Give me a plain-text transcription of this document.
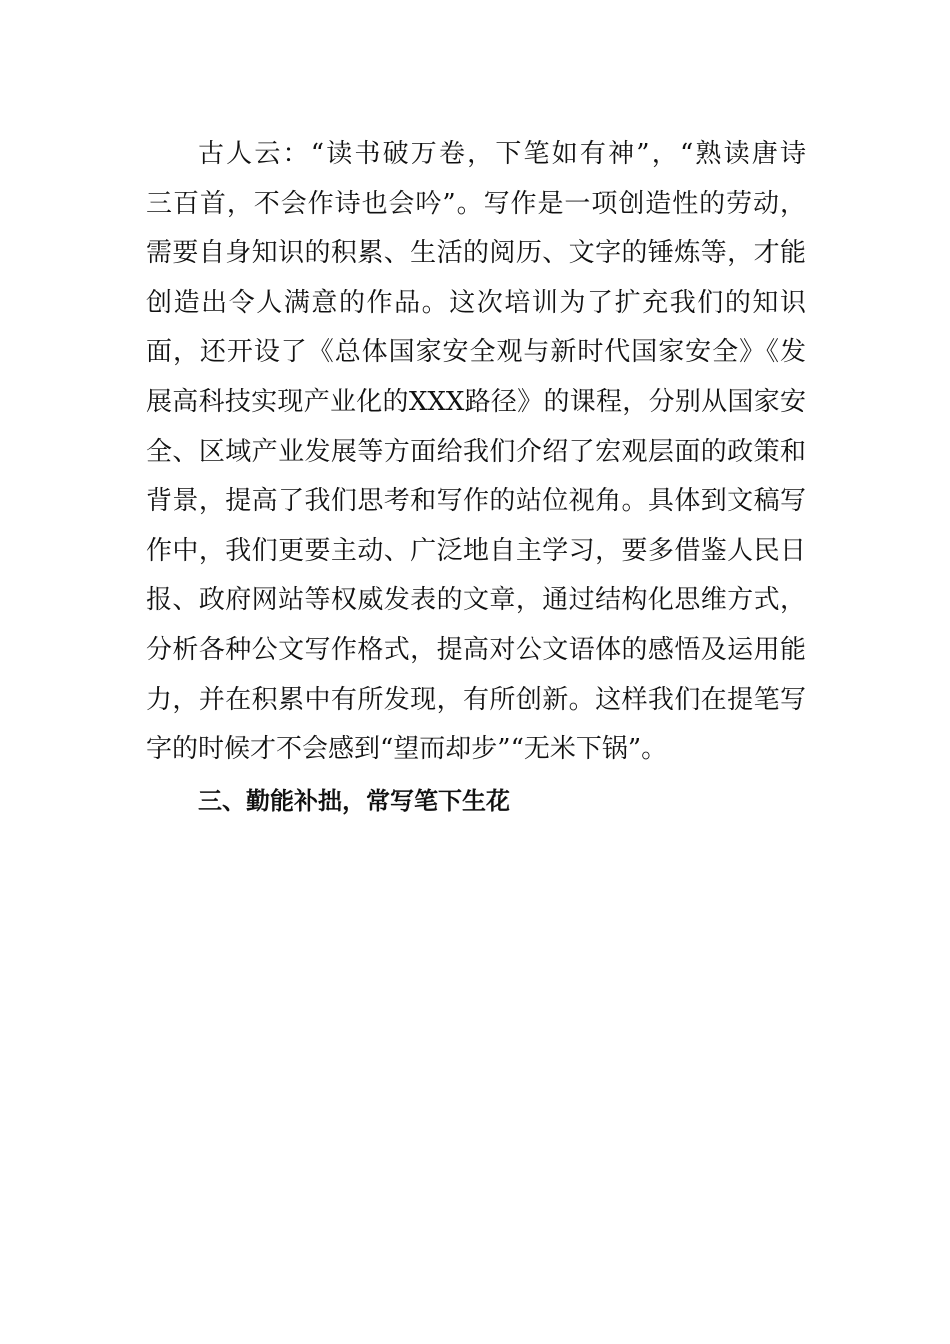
古人云：“读书破万卷，下笔如有神”，“熟读唐诗
三百首，不会作诗也会吟”。写作是一项创造性的劳动，
需要自身知识的积累、生活的阅历、文字的锤炼等，才能
创造出令人满意的作品。这次培训为了扩充我们的知识
面，还开设了《总体国家安全观与新时代国家安全》《发
展高科技实现产业化的XXX路径》的课程，分别从国家安
全、区域产业发展等方面给我们介绍了宏观层面的政策和
背景，提高了我们思考和写作的站位视角。具体到文稿写
作中，我们更要主动、广泛地自主学习，要多借鉴人民日
报、政府网站等权威发表的文章，通过结构化思维方式，
分析各种公文写作格式，提高对公文语体的感悟及运用能
力，并在积累中有所发现，有所创新。这样我们在提笔写
字的时候才不会感到“望而却步”“无米下锅”。
三、勤能补拙，常写笔下生花
